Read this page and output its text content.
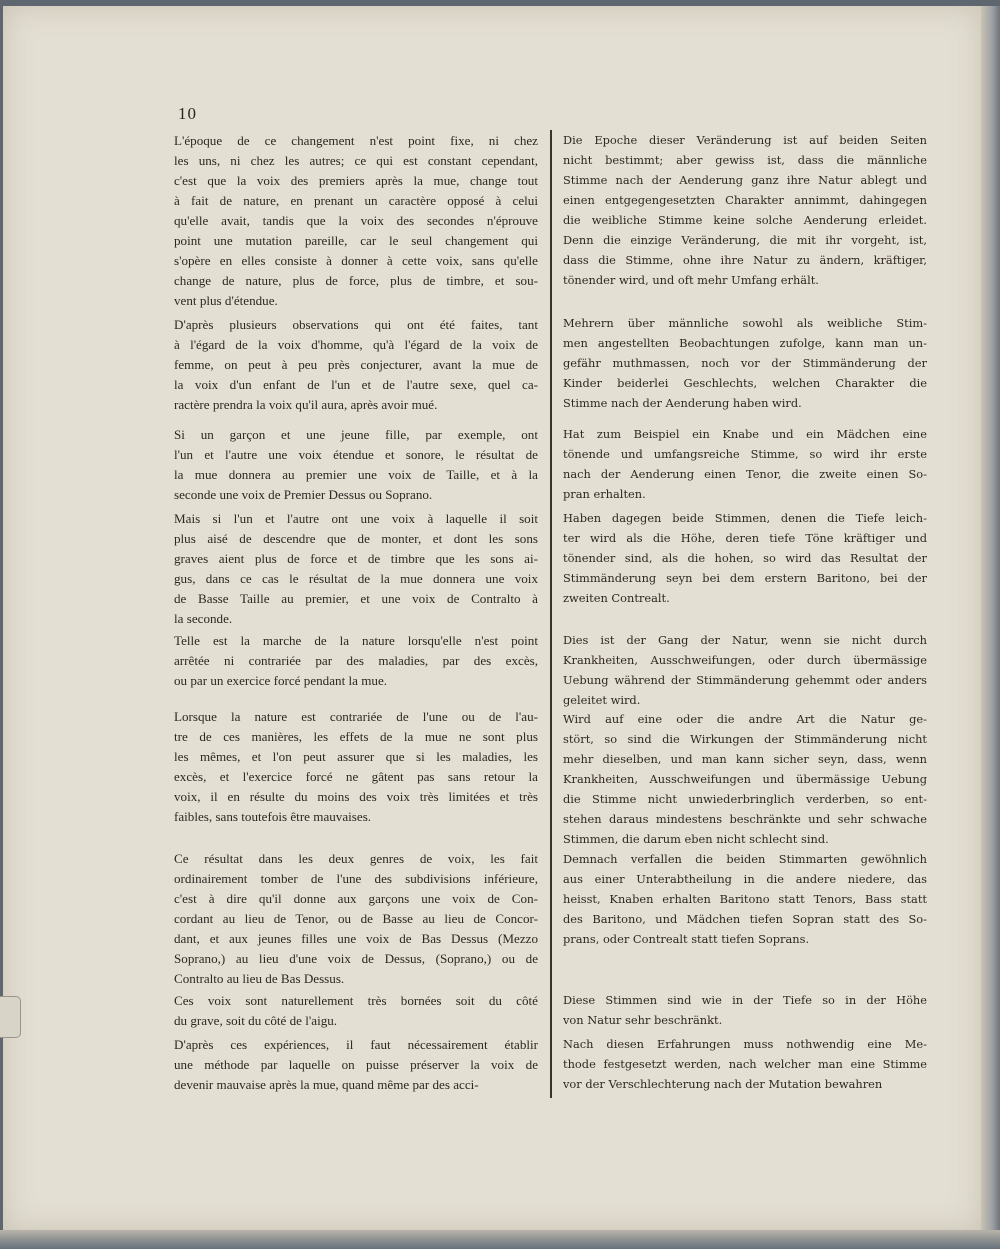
10
L'époque de ce changement n'est point fixe, ni chez
les uns, ni chez les autres; ce qui est constant cependant,
c'est que la voix des premiers après la mue, change tout
à fait de nature, en prenant un caractère opposé à celui
qu'elle avait, tandis que la voix des secondes n'éprouve
point une mutation pareille, car le seul changement qui
s'opère en elles consiste à donner à cette voix, sans qu'elle
change de nature, plus de force, plus de timbre, et sou-
vent plus d'étendue.
D'après plusieurs observations qui ont été faites, tant
à l'égard de la voix d'homme, qu'à l'égard de la voix de
femme, on peut à peu près conjecturer, avant la mue de
la voix d'un enfant de l'un et de l'autre sexe, quel ca-
ractère prendra la voix qu'il aura, après avoir mué.
Si un garçon et une jeune fille, par exemple, ont
l'un et l'autre une voix étendue et sonore, le résultat de
la mue donnera au premier une voix de Taille, et à la
seconde une voix de Premier Dessus ou Soprano.
Mais si l'un et l'autre ont une voix à laquelle il soit
plus aisé de descendre que de monter, et dont les sons
graves aient plus de force et de timbre que les sons ai-
gus, dans ce cas le résultat de la mue donnera une voix
de Basse Taille au premier, et une voix de Contralto à
la seconde.
Telle est la marche de la nature lorsqu'elle n'est point
arrêtée ni contrariée par des maladies, par des excès,
ou par un exercice forcé pendant la mue.
Lorsque la nature est contrariée de l'une ou de l'au-
tre de ces manières, les effets de la mue ne sont plus
les mêmes, et l'on peut assurer que si les maladies, les
excès, et l'exercice forcé ne gâtent pas sans retour la
voix, il en résulte du moins des voix très limitées et très
faibles, sans toutefois être mauvaises.
Ce résultat dans les deux genres de voix, les fait
ordinairement tomber de l'une des subdivisions inférieure,
c'est à dire qu'il donne aux garçons une voix de Con-
cordant au lieu de Tenor, ou de Basse au lieu de Concor-
dant, et aux jeunes filles une voix de Bas Dessus (Mezzo
Soprano,) au lieu d'une voix de Dessus, (Soprano,) ou de
Contralto au lieu de Bas Dessus.
Ces voix sont naturellement très bornées soit du côté
du grave, soit du côté de l'aigu.
D'après ces expériences, il faut nécessairement établir
une méthode par laquelle on puisse préserver la voix de
devenir mauvaise après la mue, quand même par des acci-
Die Epoche dieser Veränderung ist auf beiden Seiten
nicht bestimmt; aber gewiss ist, dass die männliche
Stimme nach der Aenderung ganz ihre Natur ablegt und
einen entgegengesetzten Charakter annimmt, dahingegen
die weibliche Stimme keine solche Aenderung erleidet.
Denn die einzige Veränderung, die mit ihr vorgeht, ist,
dass die Stimme, ohne ihre Natur zu ändern, kräftiger,
tönender wird, und oft mehr Umfang erhält.
Mehrern über männliche sowohl als weibliche Stim-
men angestellten Beobachtungen zufolge, kann man un-
gefähr muthmassen, noch vor der Stimmänderung der
Kinder beiderlei Geschlechts, welchen Charakter die
Stimme nach der Aenderung haben wird.
Hat zum Beispiel ein Knabe und ein Mädchen eine
tönende und umfangsreiche Stimme, so wird ihr erste
nach der Aenderung einen Tenor, die zweite einen So-
pran erhalten.
Haben dagegen beide Stimmen, denen die Tiefe leich-
ter wird als die Höhe, deren tiefe Töne kräftiger und
tönender sind, als die hohen, so wird das Resultat der
Stimmänderung seyn bei dem erstern Baritono, bei der
zweiten Contrealt.
Dies ist der Gang der Natur, wenn sie nicht durch
Krankheiten, Ausschweifungen, oder durch übermässige
Uebung während der Stimmänderung gehemmt oder anders
geleitet wird.
Wird auf eine oder die andre Art die Natur ge-
stört, so sind die Wirkungen der Stimmänderung nicht
mehr dieselben, und man kann sicher seyn, dass, wenn
Krankheiten, Ausschweifungen und übermässige Uebung
die Stimme nicht unwiederbringlich verderben, so ent-
stehen daraus mindestens beschränkte und sehr schwache
Stimmen, die darum eben nicht schlecht sind.
Demnach verfallen die beiden Stimmarten gewöhnlich
aus einer Unterabtheilung in die andere niedere, das
heisst, Knaben erhalten Baritono statt Tenors, Bass statt
des Baritono, und Mädchen tiefen Sopran statt des So-
prans, oder Contrealt statt tiefen Soprans.
Diese Stimmen sind wie in der Tiefe so in der Höhe
von Natur sehr beschränkt.
Nach diesen Erfahrungen muss nothwendig eine Me-
thode festgesetzt werden, nach welcher man eine Stimme
vor der Verschlechterung nach der Mutation bewahren
